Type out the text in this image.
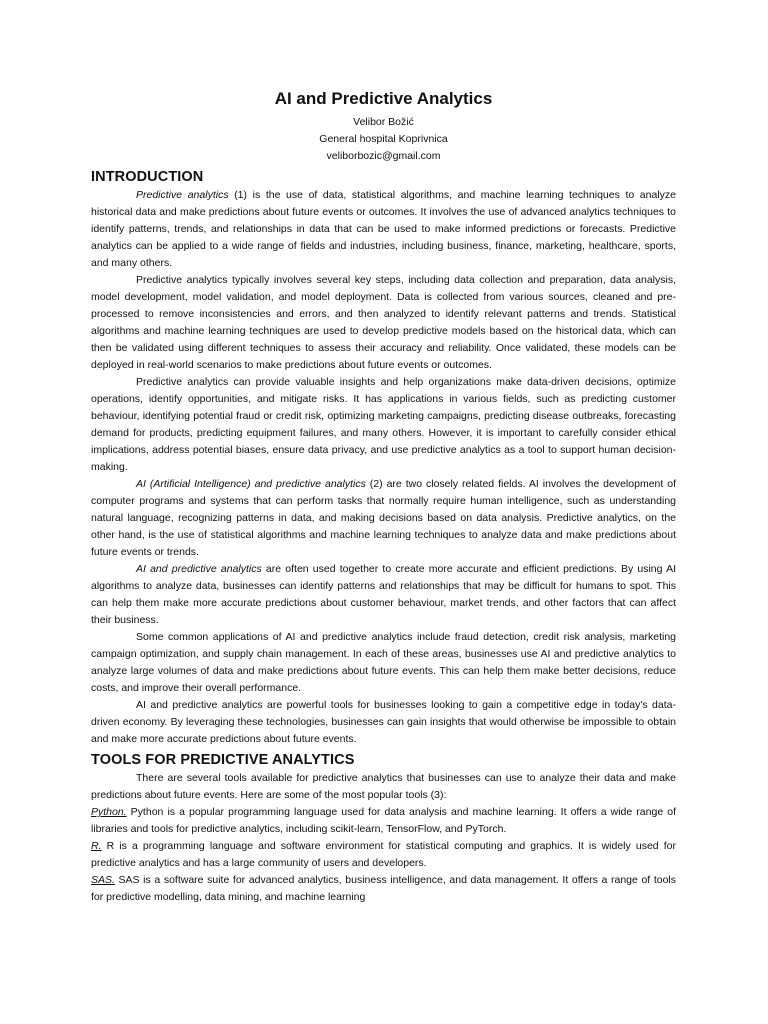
AI and Predictive Analytics

Velibor Božić

General hospital Koprivnica

veliborbozic@gmail.com

INTRODUCTION

Predictive analytics (1) is the use of data, statistical algorithms, and machine learning techniques to analyze historical data and make predictions about future events or outcomes. It involves the use of advanced analytics techniques to identify patterns, trends, and relationships in data that can be used to make informed predictions or forecasts. Predictive analytics can be applied to a wide range of fields and industries, including business, finance, marketing, healthcare, sports, and many others.

Predictive analytics typically involves several key steps, including data collection and preparation, data analysis, model development, model validation, and model deployment. Data is collected from various sources, cleaned and pre-processed to remove inconsistencies and errors, and then analyzed to identify relevant patterns and trends. Statistical algorithms and machine learning techniques are used to develop predictive models based on the historical data, which can then be validated using different techniques to assess their accuracy and reliability. Once validated, these models can be deployed in real-world scenarios to make predictions about future events or outcomes.

Predictive analytics can provide valuable insights and help organizations make data-driven decisions, optimize operations, identify opportunities, and mitigate risks. It has applications in various fields, such as predicting customer behaviour, identifying potential fraud or credit risk, optimizing marketing campaigns, predicting disease outbreaks, forecasting demand for products, predicting equipment failures, and many others. However, it is important to carefully consider ethical implications, address potential biases, ensure data privacy, and use predictive analytics as a tool to support human decision-making.

AI (Artificial Intelligence) and predictive analytics (2) are two closely related fields. AI involves the development of computer programs and systems that can perform tasks that normally require human intelligence, such as understanding natural language, recognizing patterns in data, and making decisions based on data analysis. Predictive analytics, on the other hand, is the use of statistical algorithms and machine learning techniques to analyze data and make predictions about future events or trends.

AI and predictive analytics are often used together to create more accurate and efficient predictions. By using AI algorithms to analyze data, businesses can identify patterns and relationships that may be difficult for humans to spot. This can help them make more accurate predictions about customer behaviour, market trends, and other factors that can affect their business.

Some common applications of AI and predictive analytics include fraud detection, credit risk analysis, marketing campaign optimization, and supply chain management. In each of these areas, businesses use AI and predictive analytics to analyze large volumes of data and make predictions about future events. This can help them make better decisions, reduce costs, and improve their overall performance.

AI and predictive analytics are powerful tools for businesses looking to gain a competitive edge in today's data-driven economy. By leveraging these technologies, businesses can gain insights that would otherwise be impossible to obtain and make more accurate predictions about future events.

TOOLS FOR PREDICTIVE ANALYTICS

There are several tools available for predictive analytics that businesses can use to analyze their data and make predictions about future events. Here are some of the most popular tools (3):

Python. Python is a popular programming language used for data analysis and machine learning. It offers a wide range of libraries and tools for predictive analytics, including scikit-learn, TensorFlow, and PyTorch.

R. R is a programming language and software environment for statistical computing and graphics. It is widely used for predictive analytics and has a large community of users and developers.

SAS. SAS is a software suite for advanced analytics, business intelligence, and data management. It offers a range of tools for predictive modelling, data mining, and machine learning
